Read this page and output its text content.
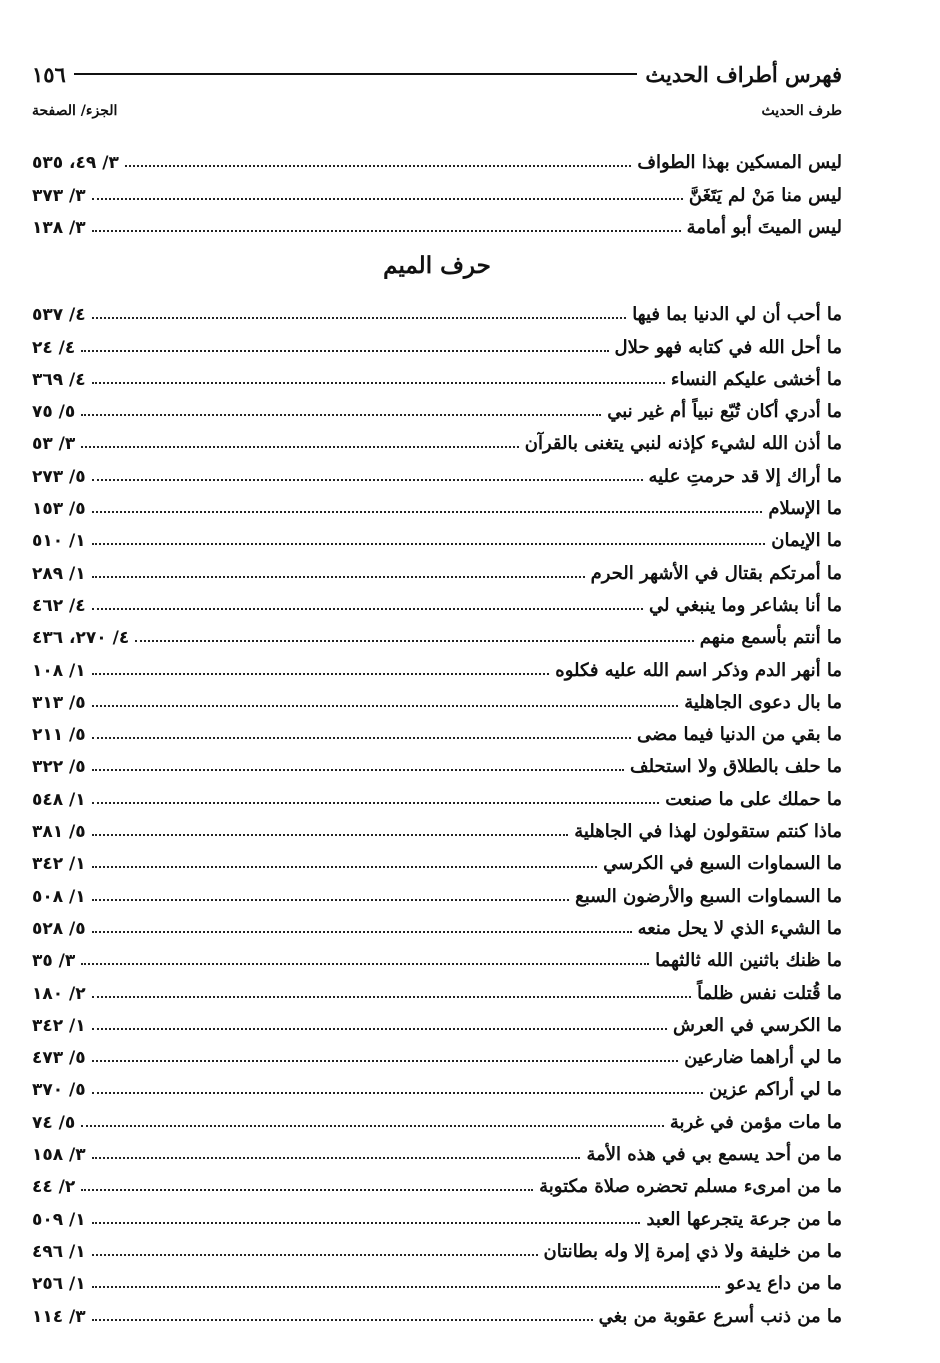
فهرس أطراف الحديث
١٥٦
طرف الحديث
الجزء/ الصفحة
ليس المسكين بهذا الطواف
٣/ ٤٩، ٥٣٥
ليس منا مَنْ لم يَتَغَنَّ
٣/ ٣٧٣
ليس الميتَ أبو أمامة
٣/ ١٣٨
حرف الميم
ما أحب أن لي الدنيا بما فيها
٤/ ٥٣٧
ما أحل الله في كتابه فهو حلال
٤/ ٢٤
ما أخشى عليكم النساء
٤/ ٣٦٩
ما أدري أكان تُبّع نبياً أم غير نبي
٥/ ٧٥
ما أذن الله لشيء كإذنه لنبي يتغنى بالقرآن
٣/ ٥٣
ما أراك إلا قد حرمتِ عليه
٥/ ٢٧٣
ما الإسلام
٥/ ١٥٣
ما الإيمان
١/ ٥١٠
ما أمرتكم بقتال في الأشهر الحرم
١/ ٢٨٩
ما أنا بشاعر وما ينبغي لي
٤/ ٤٦٢
ما أنتم بأسمع منهم
٤/ ٢٧٠، ٤٣٦
ما أنهر الدم وذكر اسم الله عليه فكلوه
١/ ١٠٨
ما بال دعوى الجاهلية
٥/ ٣١٣
ما بقي من الدنيا فيما مضى
٥/ ٢١١
ما حلف بالطلاق ولا استحلف
٥/ ٣٢٢
ما حملك على ما صنعت
١/ ٥٤٨
ماذا كنتم ستقولون لهذا في الجاهلية
٥/ ٣٨١
ما السماوات السبع في الكرسي
١/ ٣٤٢
ما السماوات السبع والأرضون السبع
١/ ٥٠٨
ما الشيء الذي لا يحل منعه
٥/ ٥٢٨
ما ظنك باثنين الله ثالثهما
٣/ ٣٥
ما قُتلت نفس ظلماً
٢/ ١٨٠
ما الكرسي في العرش
١/ ٣٤٢
ما لي أراهما ضارعين
٥/ ٤٧٣
ما لي أراكم عزين
٥/ ٣٧٠
ما مات مؤمن في غربة
٥/ ٧٤
ما من أحد يسمع بي في هذه الأمة
٣/ ١٥٨
ما من امرىء مسلم تحضره صلاة مكتوبة
٢/ ٤٤
ما من جرعة يتجرعها العبد
١/ ٥٠٩
ما من خليفة ولا ذي إمرة إلا وله بطانتان
١/ ٤٩٦
ما من داع يدعو
١/ ٢٥٦
ما من ذنب أسرع عقوبة من بغي
٣/ ١١٤
